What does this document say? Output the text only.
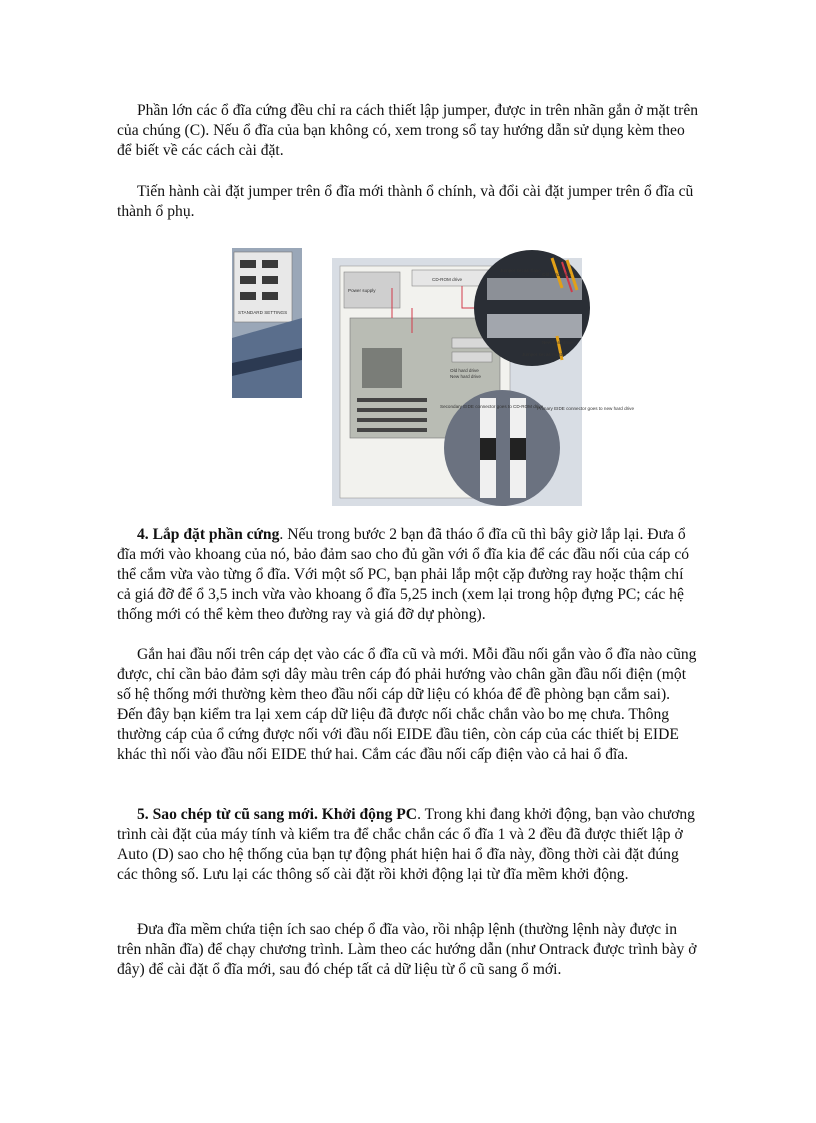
Phần lớn các ổ đĩa cứng đều chỉ ra cách thiết lập jumper, được in trên nhãn gắn ở mặt trên của chúng (C). Nếu ổ đĩa của bạn không có, xem trong sổ tay hướng dẫn sử dụng kèm theo để biết về các cách cài đặt.

Tiến hành cài đặt jumper trên ổ đĩa mới thành ổ chính, và đổi cài đặt jumper trên ổ đĩa cũ thành ổ phụ.

STANDARD SETTINGS
Power supply
CD-ROM drive
Old hard drive
New hard drive
Secondary EIDE connector goes to CD-ROM drive
Primary EIDE connector goes to new hard drive
Jumper set as slave
Old hard drive
New hard drive
Jumper set as master

4. Lắp đặt phần cứng. Nếu trong bước 2 bạn đã tháo ổ đĩa cũ thì bây giờ lắp lại. Đưa ổ đĩa mới vào khoang của nó, bảo đảm sao cho đủ gần với ổ đĩa kia để các đầu nối của cáp có thể cắm vừa vào từng ổ đĩa. Với một số PC, bạn phải lắp một cặp đường ray hoặc thậm chí cả giá đỡ để ổ 3,5 inch vừa vào khoang ổ đĩa 5,25 inch (xem lại trong hộp đựng PC; các hệ thống mới có thể kèm theo đường ray và giá đỡ dự phòng).

Gắn hai đầu nối trên cáp dẹt vào các ổ đĩa cũ và mới. Mỗi đầu nối gắn vào ổ đĩa nào cũng được, chỉ cần bảo đảm sợi dây màu trên cáp đó phải hướng vào chân gần đầu nối điện (một số hệ thống mới thường kèm theo đầu nối cáp dữ liệu có khóa để đề phòng bạn cắm sai). Đến đây bạn kiểm tra lại xem cáp dữ liệu đã được nối chắc chắn vào bo mẹ chưa. Thông thường cáp của ổ cứng được nối với đầu nối EIDE đầu tiên, còn cáp của các thiết bị EIDE khác thì nối vào đầu nối EIDE thứ hai. Cắm các đầu nối cấp điện vào cả hai ổ đĩa.

5. Sao chép từ cũ sang mới. Khởi động PC. Trong khi đang khởi động, bạn vào chương trình cài đặt của máy tính và kiểm tra để chắc chắn các ổ đĩa 1 và 2 đều đã được thiết lập ở Auto (D) sao cho hệ thống của bạn tự động phát hiện hai ổ đĩa này, đồng thời cài đặt đúng các thông số. Lưu lại các thông số cài đặt rồi khởi động lại từ đĩa mềm khởi động.

Đưa đĩa mềm chứa tiện ích sao chép ổ đĩa vào, rồi nhập lệnh (thường lệnh này được in trên nhãn đĩa) để chạy chương trình. Làm theo các hướng dẫn (như Ontrack được trình bày ở đây) để cài đặt ổ đĩa mới, sau đó chép tất cả dữ liệu từ ổ cũ sang ổ mới.
